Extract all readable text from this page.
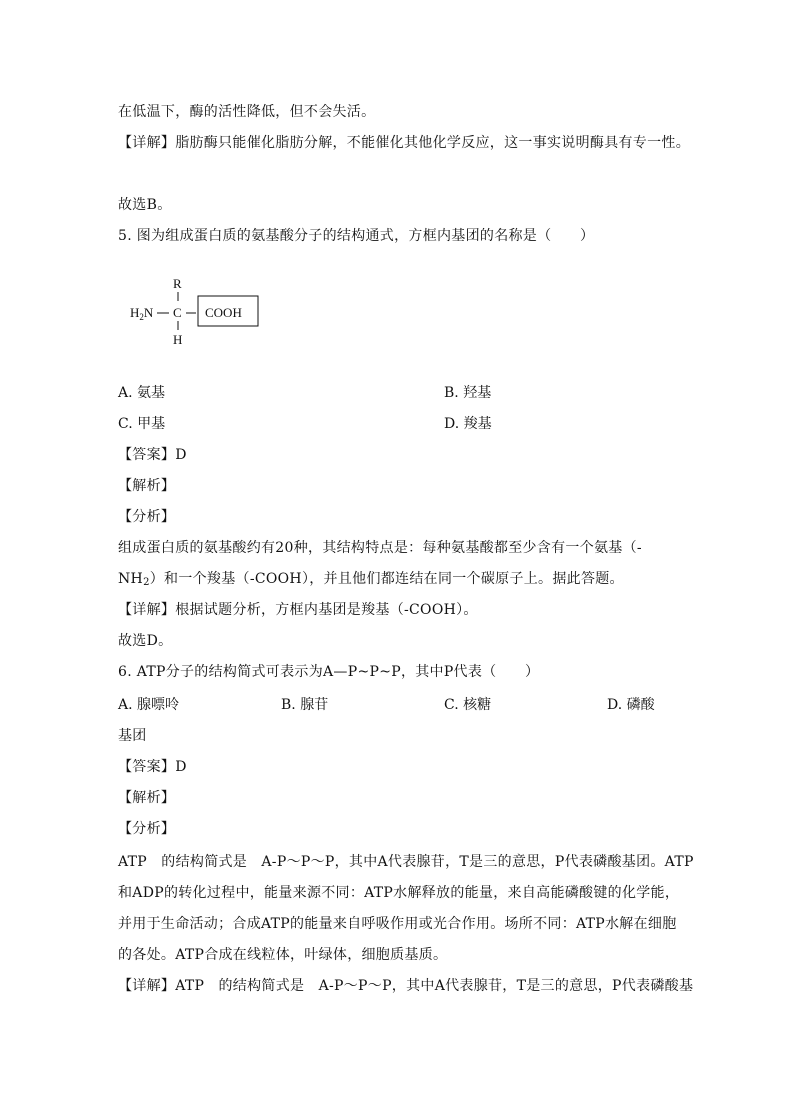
在低温下，酶的活性降低，但不会失活。
【详解】脂肪酶只能催化脂肪分解，不能催化其他化学反应，这一事实说明酶具有专一性。
故选B。
5. 图为组成蛋白质的氨基酸分子的结构通式，方框内基团的名称是（　　）
R
$H_2N$ C
H
COOH
A. 氨基	B. 羟基
C. 甲基	D. 羧基
【答案】D
【解析】
【分析】
组成蛋白质的氨基酸约有20种，其结构特点是：每种氨基酸都至少含有一个氨基（-
$NH_2$）和一个羧基（-COOH），并且他们都连结在同一个碳原子上。据此答题。
【详解】根据试题分析，方框内基团是羧基（-COOH）。
故选D。
6. ATP分子的结构简式可表示为A—P~P~P，其中P代表（　　）
A. 腺嘌呤	B. 腺苷	C. 核糖	D. 磷酸
基团
【答案】D
【解析】
【分析】
ATP　的结构简式是　A-P～P～P，其中A代表腺苷，T是三的意思，P代表磷酸基团。ATP
和ADP的转化过程中，能量来源不同：ATP水解释放的能量，来自高能磷酸键的化学能，
并用于生命活动；合成ATP的能量来自呼吸作用或光合作用。场所不同：ATP水解在细胞
的各处。ATP合成在线粒体，叶绿体，细胞质基质。
【详解】ATP　的结构简式是　A-P～P～P，其中A代表腺苷，T是三的意思，P代表磷酸基
